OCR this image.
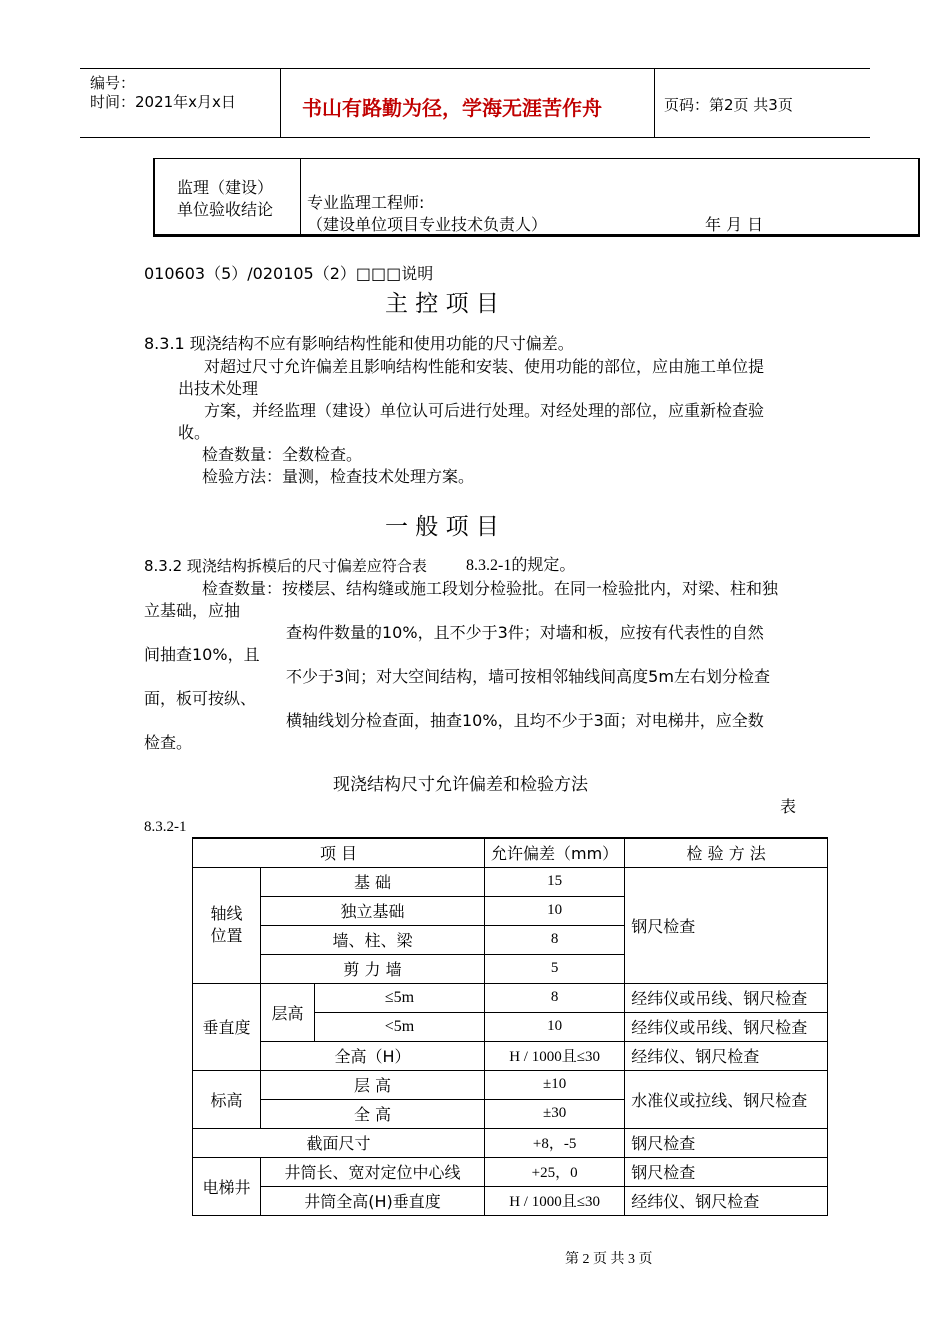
编号：
时间：2021年x月x日	书山有路勤为径，学海无涯苦作舟	页码：第2页 共3页
监理（建设）
单位验收结论 专业监理工程师:
（建设单位项目专业技术负责人）	年 月 日
010603（5）/020105（2）□□□说明
主 控 项 目
8.3.1 现浇结构不应有影响结构性能和使用功能的尺寸偏差。
对超过尺寸允许偏差且影响结构性能和安装、使用功能的部位，应由施工单位提
出技术处理
方案，并经监理（建设）单位认可后进行处理。对经处理的部位，应重新检查验
收。
检查数量：全数检查。
检验方法：量测，检查技术处理方案。
一 般 项 目
8.3.2 现浇结构拆模后的尺寸偏差应符合表 8.3.2-1的规定。
检查数量：按楼层、结构缝或施工段划分检验批。在同一检验批内，对梁、柱和独
立基础，应抽
查构件数量的10%，且不少于3件；对墙和板，应按有代表性的自然
间抽查10%，且
不少于3间；对大空间结构，墙可按相邻轴线间高度5m左右划分检查
面，板可按纵、
横轴线划分检查面，抽查10%，且均不少于3面；对电梯井，应全数
检查。
现浇结构尺寸允许偏差和检验方法
表
8.3.2-1
项 目			允许偏差（mm）	检 验 方 法
轴线
位置	基 础		15	钢尺检查
	独立基础		10	
	墙、柱、梁		8	
	剪 力 墙		5	
垂直度	层高	≤5m	8	经纬仪或吊线、钢尺检查
		<5m	10	经纬仪或吊线、钢尺检查
	全高（H）		H / 1000且≤30	经纬仪、钢尺检查
标高	层 高		±10	水准仪或拉线、钢尺检查
	全 高		±30	
截面尺寸			+8，-5	钢尺检查
电梯井	井筒长、宽对定位中心线		+25，0	钢尺检查
	井筒全高(H)垂直度		H / 1000且≤30	经纬仪、钢尺检查
第 2 页 共 3 页
